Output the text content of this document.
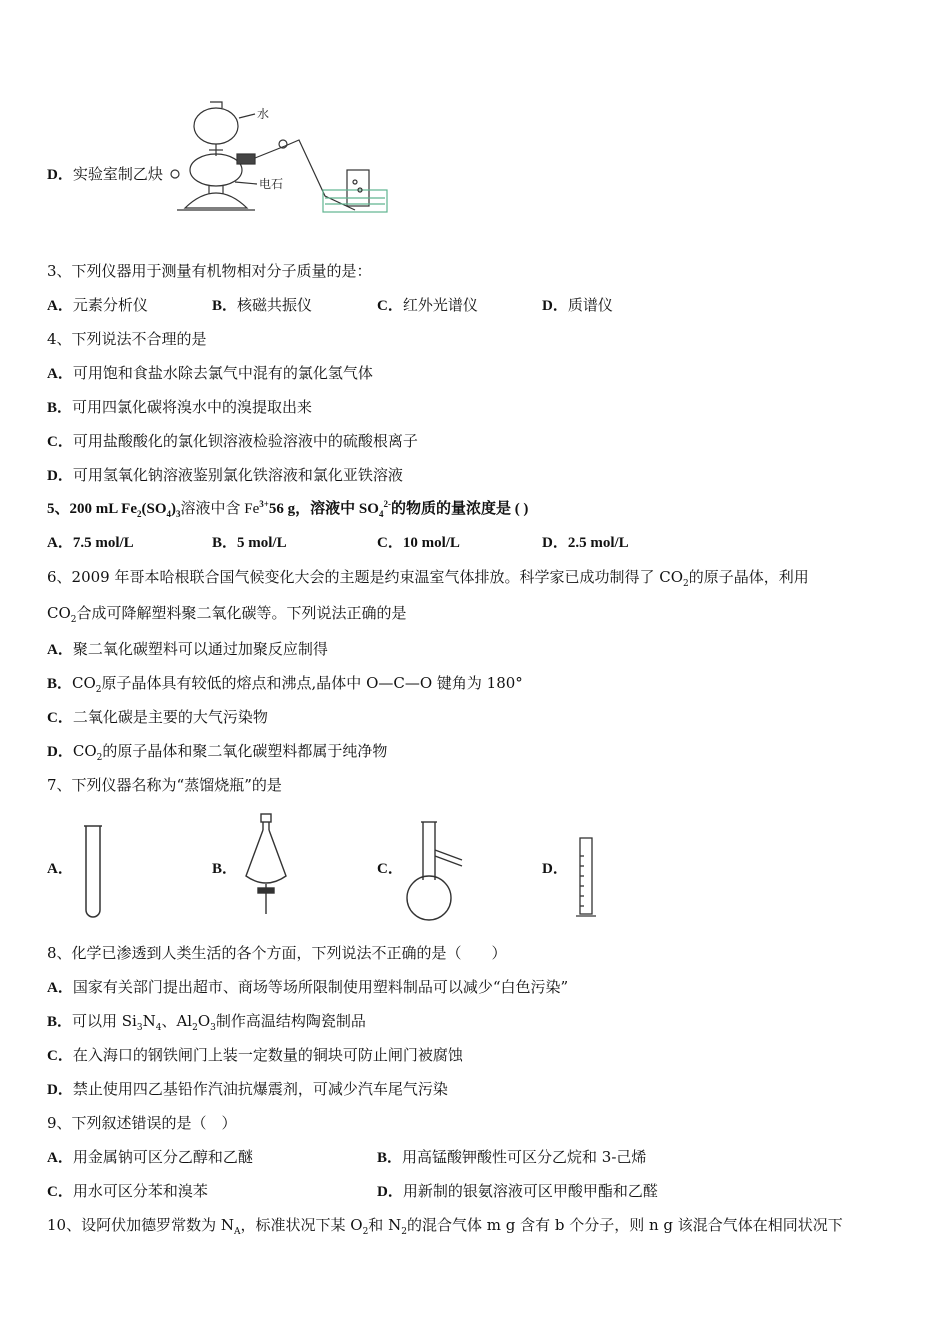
D．实验室制乙炔
水
电石
3、下列仪器用于测量有机物相对分子质量的是：
A．元素分析仪	B．核磁共振仪	C．红外光谱仪	D．质谱仪
4、下列说法不合理的是
A．可用饱和食盐水除去氯气中混有的氯化氢气体
B．可用四氯化碳将溴水中的溴提取出来
C．可用盐酸酸化的氯化钡溶液检验溶液中的硫酸根离子
D．可用氢氧化钠溶液鉴别氯化铁溶液和氯化亚铁溶液
5、200 mL $Fe_2(SO_4)_3$溶液中含 $Fe^{3+}56$ g，溶液中 $SO_4^{2-}$的物质的量浓度是 ( )
A．7.5 mol/L	B．5 mol/L	C．10 mol/L	D．2.5 mol/L
6、2009 年哥本哈根联合国气候变化大会的主题是约束温室气体排放。科学家已成功制得了 $CO_2$的原子晶体，利用
$CO_2$合成可降解塑料聚二氧化碳等。下列说法正确的是
A．聚二氧化碳塑料可以通过加聚反应制得
B．$CO_2$原子晶体具有较低的熔点和沸点,晶体中 O—C—O 键角为 180°
C．二氧化碳是主要的大气污染物
D．$CO_2$的原子晶体和聚二氧化碳塑料都属于纯净物
7、下列仪器名称为“蒸馏烧瓶”的是
A．	B．	C．	D．
8、化学已渗透到人类生活的各个方面，下列说法不正确的是（　　）
A．国家有关部门提出超市、商场等场所限制使用塑料制品可以减少“白色污染”
B．可以用 $Si_3N_4$、$Al_2O_3$制作高温结构陶瓷制品
C．在入海口的钢铁闸门上装一定数量的铜块可防止闸门被腐蚀
D．禁止使用四乙基铅作汽油抗爆震剂，可减少汽车尾气污染
9、下列叙述错误的是（　）
A．用金属钠可区分乙醇和乙醚	B．用高锰酸钾酸性可区分乙烷和 3-己烯
C．用水可区分苯和溴苯	D．用新制的银氨溶液可区甲酸甲酯和乙醛
10、设阿伏加德罗常数为 $N_A$，标准状况下某 $O_2$和 $N_2$的混合气体 m g 含有 b 个分子，则 n g 该混合气体在相同状况下
